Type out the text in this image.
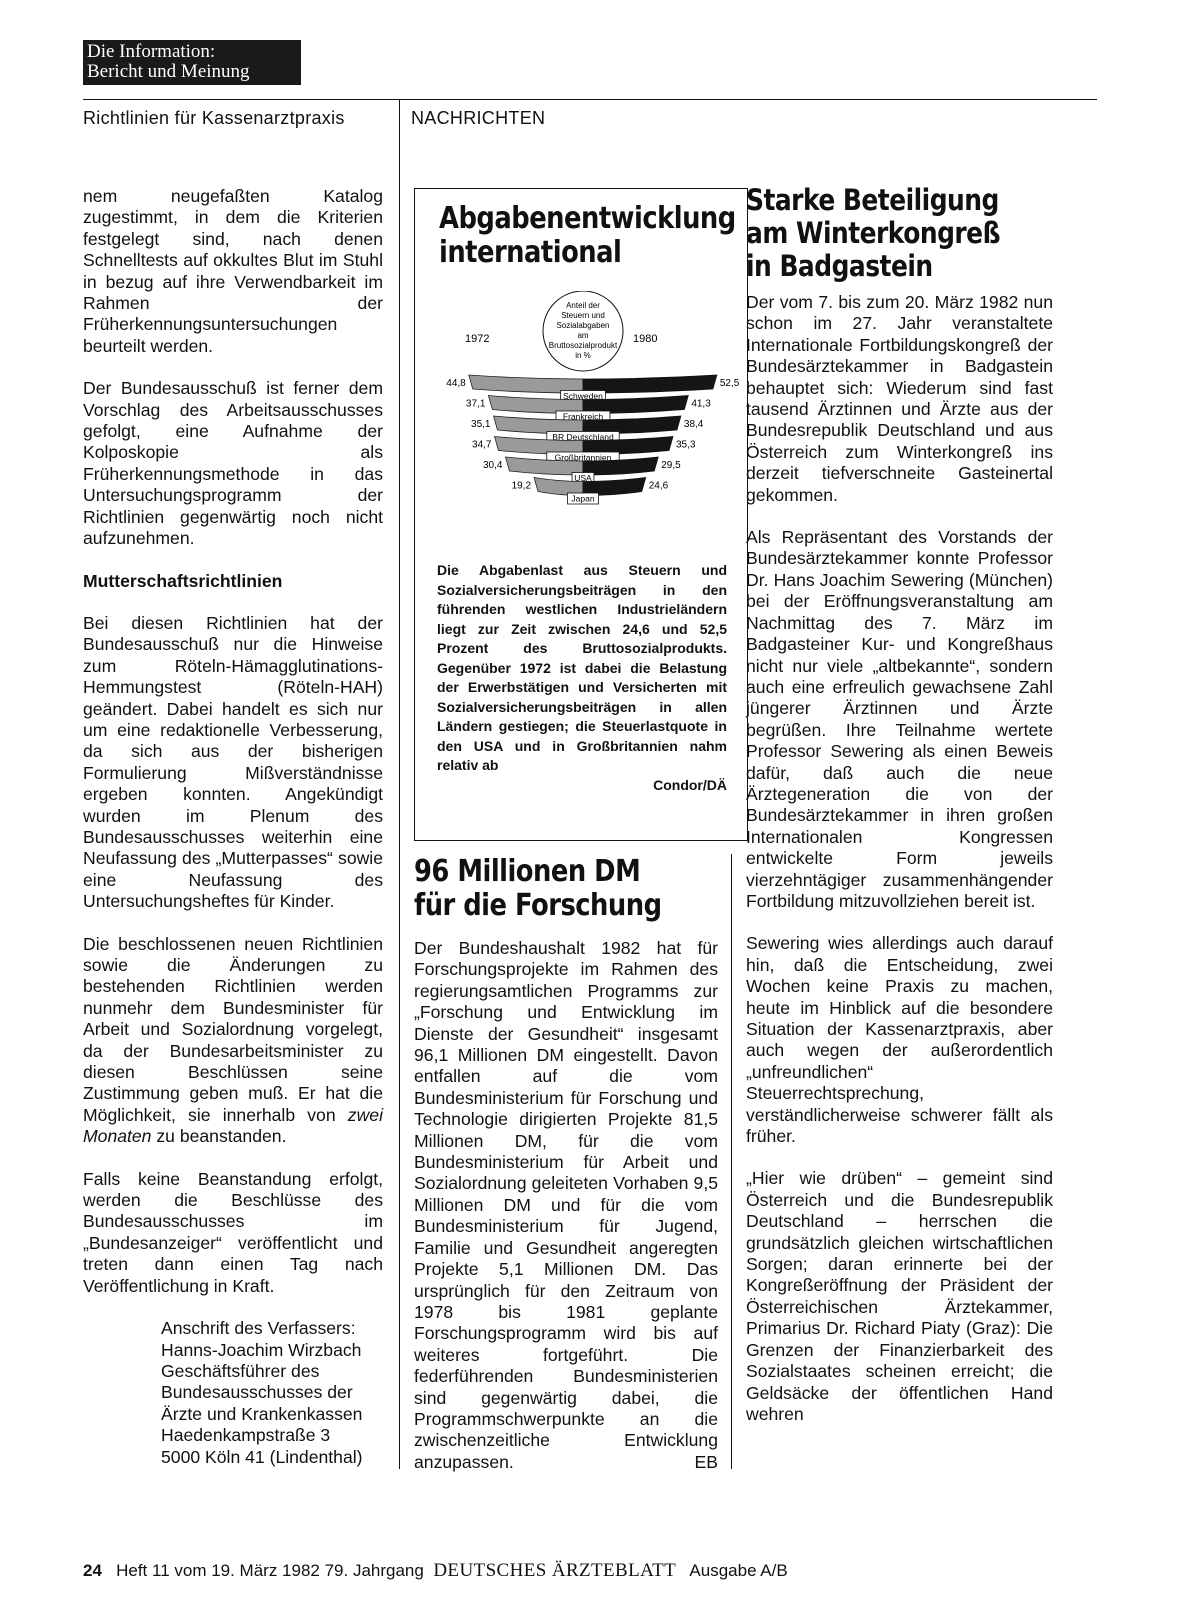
Die Information:
Bericht und Meinung
Richtlinien für Kassenarztpraxis	NACHRICHTEN

nem neugefaßten Katalog zugestimmt, in dem die Kriterien festgelegt sind, nach denen Schnelltests auf okkultes Blut im Stuhl in bezug auf ihre Verwendbarkeit im Rahmen der Früherkennungsuntersuchungen beurteilt werden.

Der Bundesausschuß ist ferner dem Vorschlag des Arbeitsausschusses gefolgt, eine Aufnahme der Kolposkopie als Früherkennungsmethode in das Untersuchungsprogramm der Richtlinien gegenwärtig noch nicht aufzunehmen.

Mutterschaftsrichtlinien

Bei diesen Richtlinien hat der Bundesausschuß nur die Hinweise zum Röteln-Hämagglutinations-Hemmungstest (Röteln-HAH) geändert. Dabei handelt es sich nur um eine redaktionelle Verbesserung, da sich aus der bisherigen Formulierung Mißverständnisse ergeben konnten. Angekündigt wurden im Plenum des Bundesausschusses weiterhin eine Neufassung des „Mutterpasses“ sowie eine Neufassung des Untersuchungsheftes für Kinder.

Die beschlossenen neuen Richtlinien sowie die Änderungen zu bestehenden Richtlinien werden nunmehr dem Bundesminister für Arbeit und Sozialordnung vorgelegt, da der Bundesarbeitsminister zu diesen Beschlüssen seine Zustimmung geben muß. Er hat die Möglichkeit, sie innerhalb von zwei Monaten zu beanstanden.

Falls keine Beanstandung erfolgt, werden die Beschlüsse des Bundesausschusses im „Bundesanzeiger“ veröffentlicht und treten dann einen Tag nach Veröffentlichung in Kraft.

Anschrift des Verfassers:
Hanns-Joachim Wirzbach
Geschäftsführer des
Bundesausschusses der
Ärzte und Krankenkassen
Haedenkampstraße 3
5000 Köln 41 (Lindenthal)
Abgabenentwicklung
international
Anteil der Steuern und Sozialabgaben am Bruttosozialprodukt in %
1972	1980
44,8	52,5
Schweden
37,1	41,3
Frankreich
35,1	38,4
BR Deutschland
34,7	35,3
Großbritannien
30,4	29,5
USA
19,2	24,6
Japan
Die Abgabenlast aus Steuern und Sozialversicherungsbeiträgen in den führenden westlichen Industrieländern liegt zur Zeit zwischen 24,6 und 52,5 Prozent des Bruttosozialprodukts. Gegenüber 1972 ist dabei die Belastung der Erwerbstätigen und Versicherten mit Sozialversicherungsbeiträgen in allen Ländern gestiegen; die Steuerlastquote in den USA und in Großbritannien nahm relativ ab
Condor/DÄ
96 Millionen DM
für die Forschung

Der Bundeshaushalt 1982 hat für Forschungsprojekte im Rahmen des regierungsamtlichen Programms zur „Forschung und Entwicklung im Dienste der Gesundheit“ insgesamt 96,1 Millionen DM eingestellt. Davon entfallen auf die vom Bundesministerium für Forschung und Technologie dirigierten Projekte 81,5 Millionen DM, für die vom Bundesministerium für Arbeit und Sozialordnung geleiteten Vorhaben 9,5 Millionen DM und für die vom Bundesministerium für Jugend, Familie und Gesundheit angeregten Projekte 5,1 Millionen DM. Das ursprünglich für den Zeitraum von 1978 bis 1981 geplante Forschungsprogramm wird bis auf weiteres fortgeführt. Die federführenden Bundesministerien sind gegenwärtig dabei, die Programmschwerpunkte an die zwischenzeitliche Entwicklung anzupassen.	EB

Starke Beteiligung
am Winterkongreß
in Badgastein

Der vom 7. bis zum 20. März 1982 nun schon im 27. Jahr veranstaltete Internationale Fortbildungskongreß der Bundesärztekammer in Badgastein behauptet sich: Wiederum sind fast tausend Ärztinnen und Ärzte aus der Bundesrepublik Deutschland und aus Österreich zum Winterkongreß ins derzeit tiefverschneite Gasteinertal gekommen.

Als Repräsentant des Vorstands der Bundesärztekammer konnte Professor Dr. Hans Joachim Sewering (München) bei der Eröffnungsveranstaltung am Nachmittag des 7. März im Badgasteiner Kur- und Kongreßhaus nicht nur viele „altbekannte“, sondern auch eine erfreulich gewachsene Zahl jüngerer Ärztinnen und Ärzte begrüßen. Ihre Teilnahme wertete Professor Sewering als einen Beweis dafür, daß auch die neue Ärztegeneration die von der Bundesärztekammer in ihren großen Internationalen Kongressen entwickelte Form jeweils vierzehntägiger zusammenhängender Fortbildung mitzuvollziehen bereit ist.

Sewering wies allerdings auch darauf hin, daß die Entscheidung, zwei Wochen keine Praxis zu machen, heute im Hinblick auf die besondere Situation der Kassenarztpraxis, aber auch wegen der außerordentlich „unfreundlichen“ Steuerrechtsprechung, verständlicherweise schwerer fällt als früher.

„Hier wie drüben“ – gemeint sind Österreich und die Bundesrepublik Deutschland – herrschen die grundsätzlich gleichen wirtschaftlichen Sorgen; daran erinnerte bei der Kongreßeröffnung der Präsident der Österreichischen Ärztekammer, Primarius Dr. Richard Piaty (Graz): Die Grenzen der Finanzierbarkeit des Sozialstaates scheinen erreicht; die Geldsäcke der öffentlichen Hand wehren

24 Heft 11 vom 19. März 1982 79. Jahrgang DEUTSCHES ÄRZTEBLATT Ausgabe A/B
